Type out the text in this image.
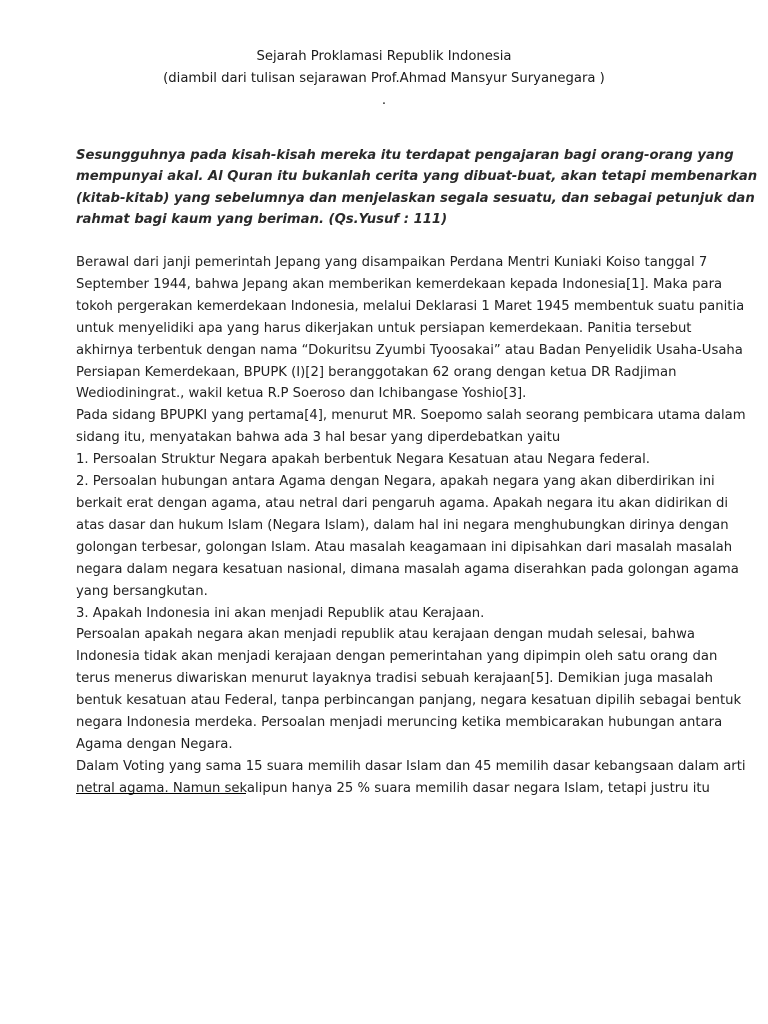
Sejarah Proklamasi Republik Indonesia
(diambil dari tulisan sejarawan Prof.Ahmad Mansyur Suryanegara )
.
Sesungguhnya pada kisah-kisah mereka itu terdapat pengajaran bagi orang-orang yang
mempunyai akal. Al Quran itu bukanlah cerita yang dibuat-buat, akan tetapi membenarkan
(kitab-kitab) yang sebelumnya dan menjelaskan segala sesuatu, dan sebagai petunjuk dan
rahmat bagi kaum yang beriman. (Qs.Yusuf : 111)
Berawal dari janji pemerintah Jepang yang disampaikan Perdana Mentri Kuniaki Koiso tanggal 7
September 1944, bahwa Jepang akan memberikan kemerdekaan kepada Indonesia[1]. Maka para
tokoh pergerakan kemerdekaan Indonesia, melalui Deklarasi 1 Maret 1945 membentuk suatu panitia
untuk menyelidiki apa yang harus dikerjakan untuk persiapan kemerdekaan. Panitia tersebut
akhirnya terbentuk dengan nama “Dokuritsu Zyumbi Tyoosakai” atau Badan Penyelidik Usaha-Usaha
Persiapan Kemerdekaan, BPUPK (I)[2] beranggotakan 62 orang dengan ketua DR Radjiman
Wediodiningrat., wakil ketua R.P Soeroso dan Ichibangase Yoshio[3].
Pada sidang BPUPKI yang pertama[4], menurut MR. Soepomo salah seorang pembicara utama dalam
sidang itu, menyatakan bahwa ada 3 hal besar yang diperdebatkan yaitu
1. Persoalan Struktur Negara apakah berbentuk Negara Kesatuan atau Negara federal.
2. Persoalan hubungan antara Agama dengan Negara, apakah negara yang akan diberdirikan ini
berkait erat dengan agama, atau netral dari pengaruh agama. Apakah negara itu akan didirikan di
atas dasar dan hukum Islam (Negara Islam), dalam hal ini negara menghubungkan dirinya dengan
golongan terbesar, golongan Islam. Atau masalah keagamaan ini dipisahkan dari masalah masalah
negara dalam negara kesatuan nasional, dimana masalah agama diserahkan pada golongan agama
yang bersangkutan.
3. Apakah Indonesia ini akan menjadi Republik atau Kerajaan.
Persoalan apakah negara akan menjadi republik atau kerajaan dengan mudah selesai, bahwa
Indonesia tidak akan menjadi kerajaan dengan pemerintahan yang dipimpin oleh satu orang dan
terus menerus diwariskan menurut layaknya tradisi sebuah kerajaan[5]. Demikian juga masalah
bentuk kesatuan atau Federal, tanpa perbincangan panjang, negara kesatuan dipilih sebagai bentuk
negara Indonesia merdeka. Persoalan menjadi meruncing ketika membicarakan hubungan antara
Agama dengan Negara.
Dalam Voting yang sama 15 suara memilih dasar Islam dan 45 memilih dasar kebangsaan dalam arti
netral agama. Namun sekalipun hanya 25 % suara memilih dasar negara Islam, tetapi justru itu
